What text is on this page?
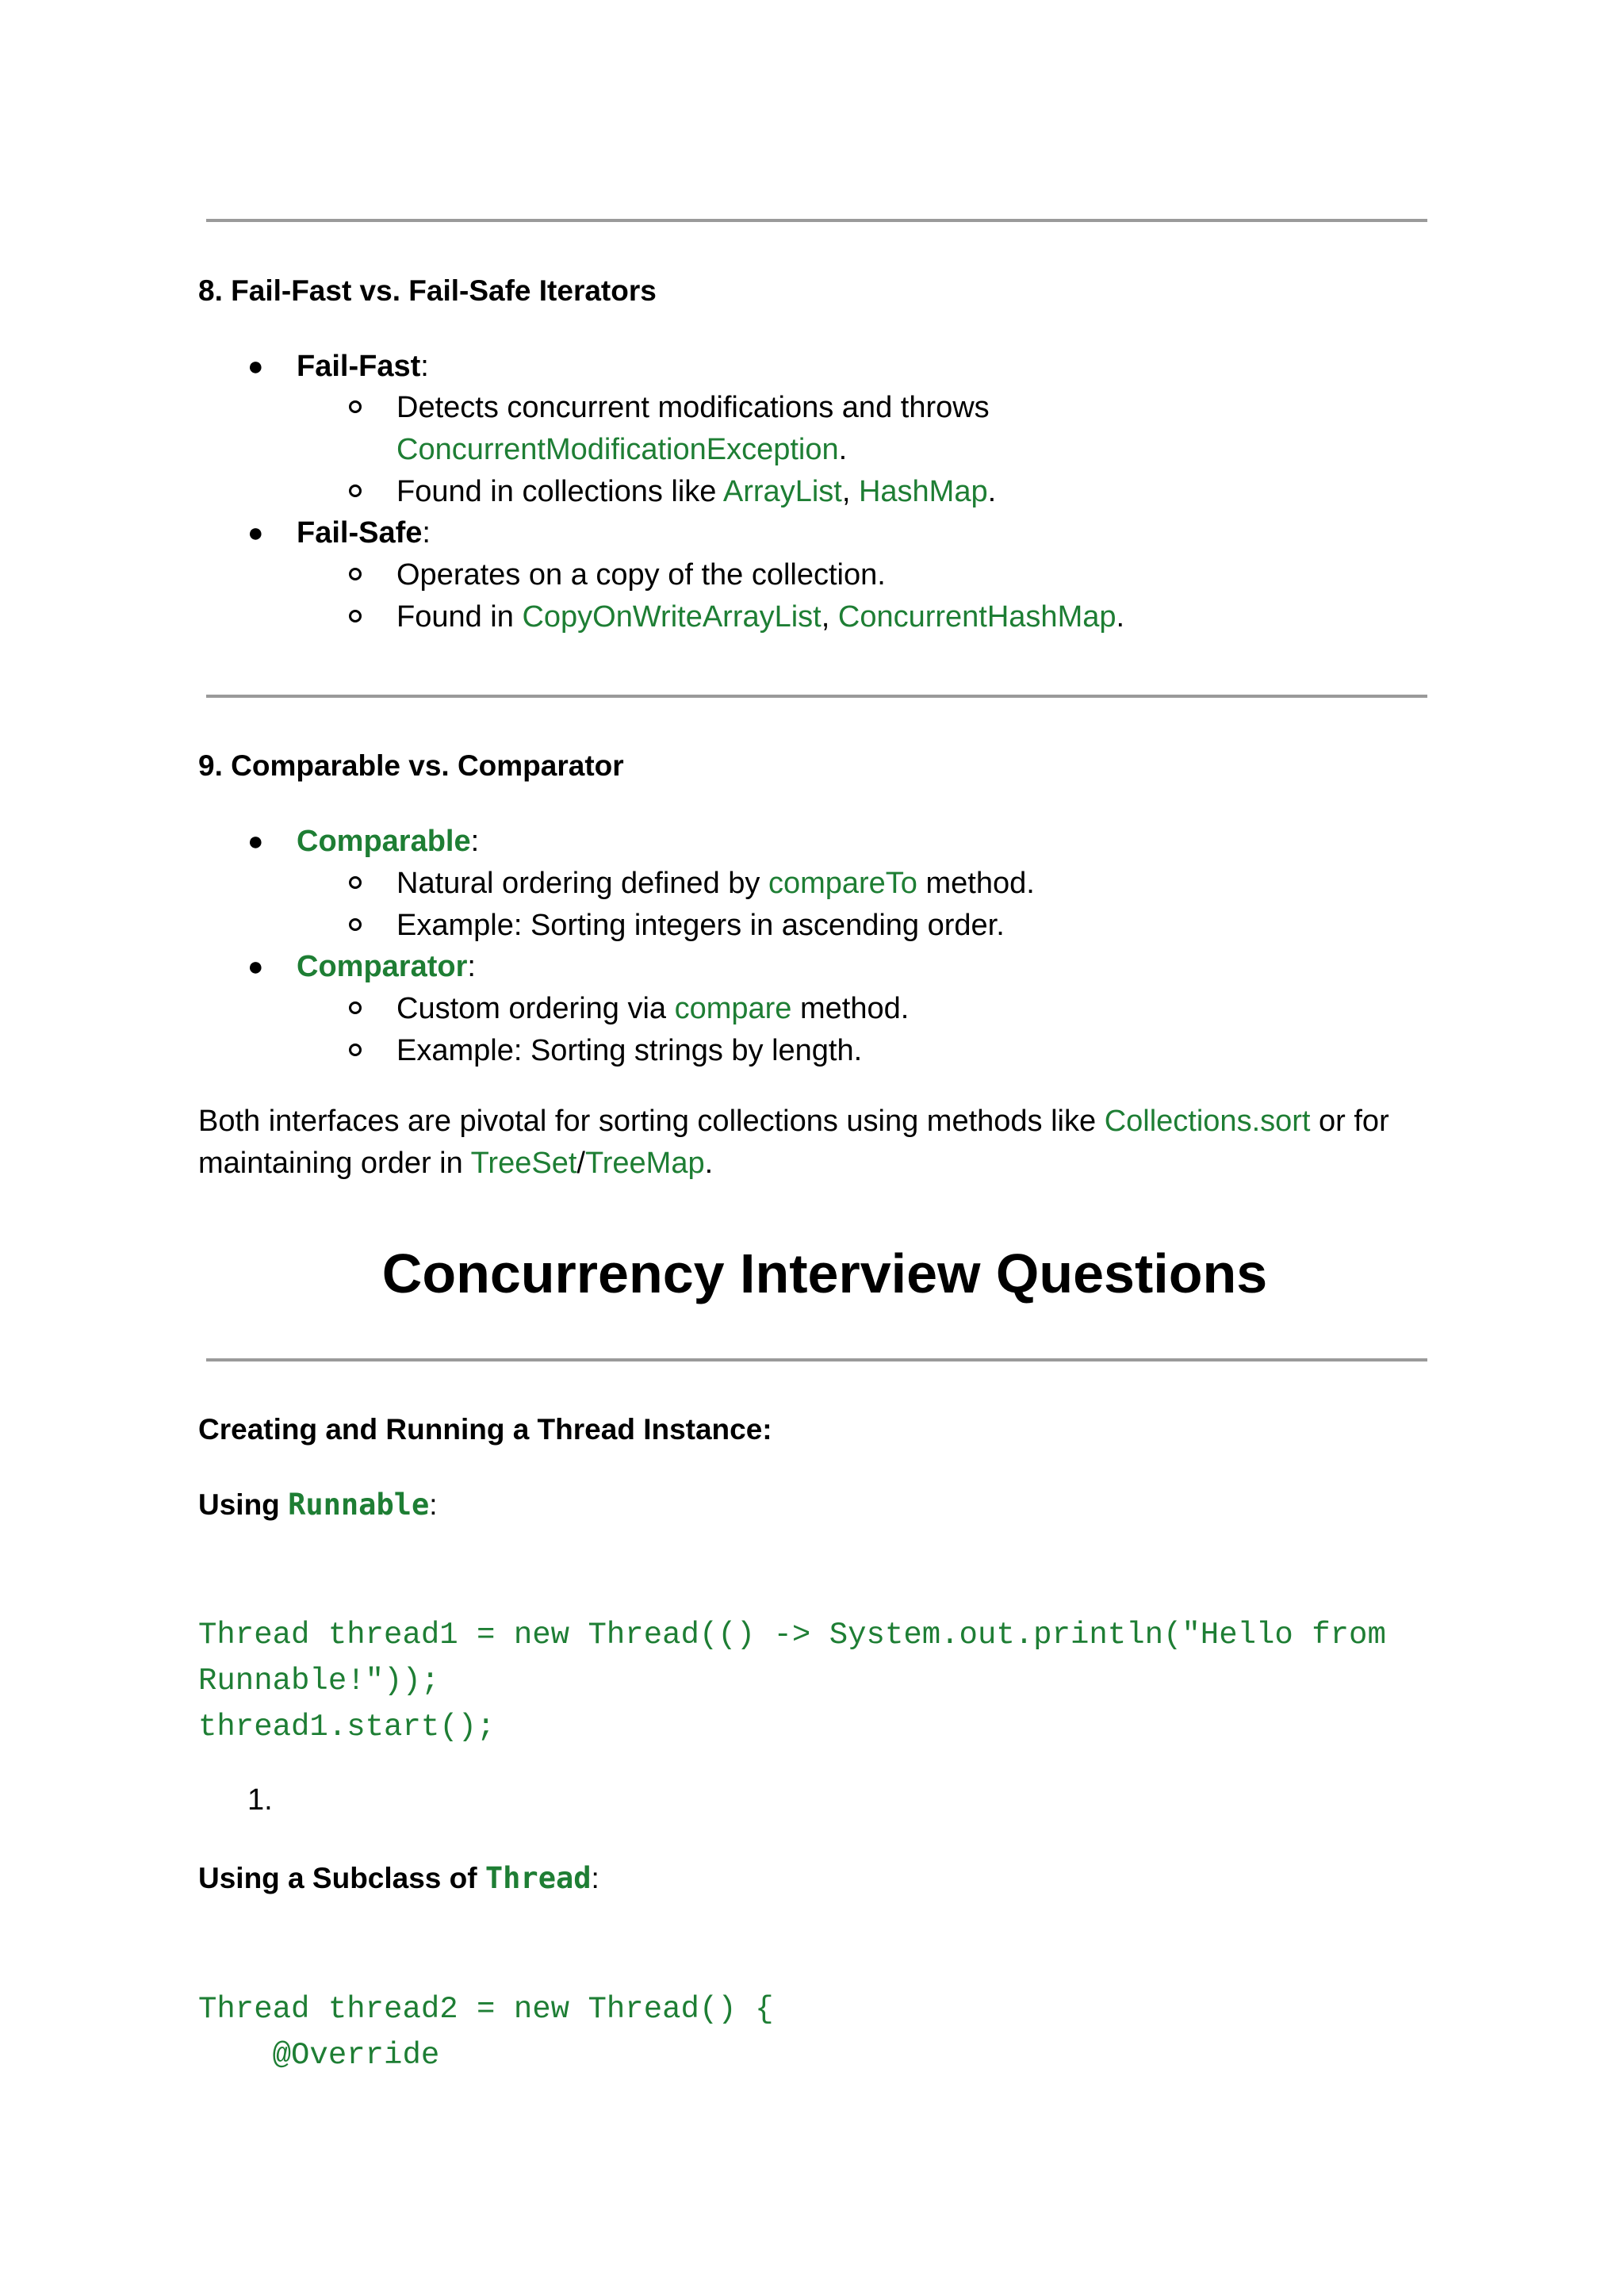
8. Fail-Fast vs. Fail-Safe Iterators
● Fail-Fast:
Detects concurrent modifications and throws
ConcurrentModificationException.
Found in collections like ArrayList, HashMap.
● Fail-Safe:
Operates on a copy of the collection.
Found in CopyOnWriteArrayList, ConcurrentHashMap.
9. Comparable vs. Comparator
● Comparable:
Natural ordering defined by compareTo method.
Example: Sorting integers in ascending order.
● Comparator:
Custom ordering via compare method.
Example: Sorting strings by length.
Both interfaces are pivotal for sorting collections using methods like Collections.sort or for maintaining order in TreeSet/TreeMap.
Concurrency Interview Questions
Creating and Running a Thread Instance:
Using Runnable:
Thread thread1 = new Thread(() -> System.out.println("Hello from
Runnable!"));
thread1.start();
1.
Using a Subclass of Thread:
Thread thread2 = new Thread() {
@Override
